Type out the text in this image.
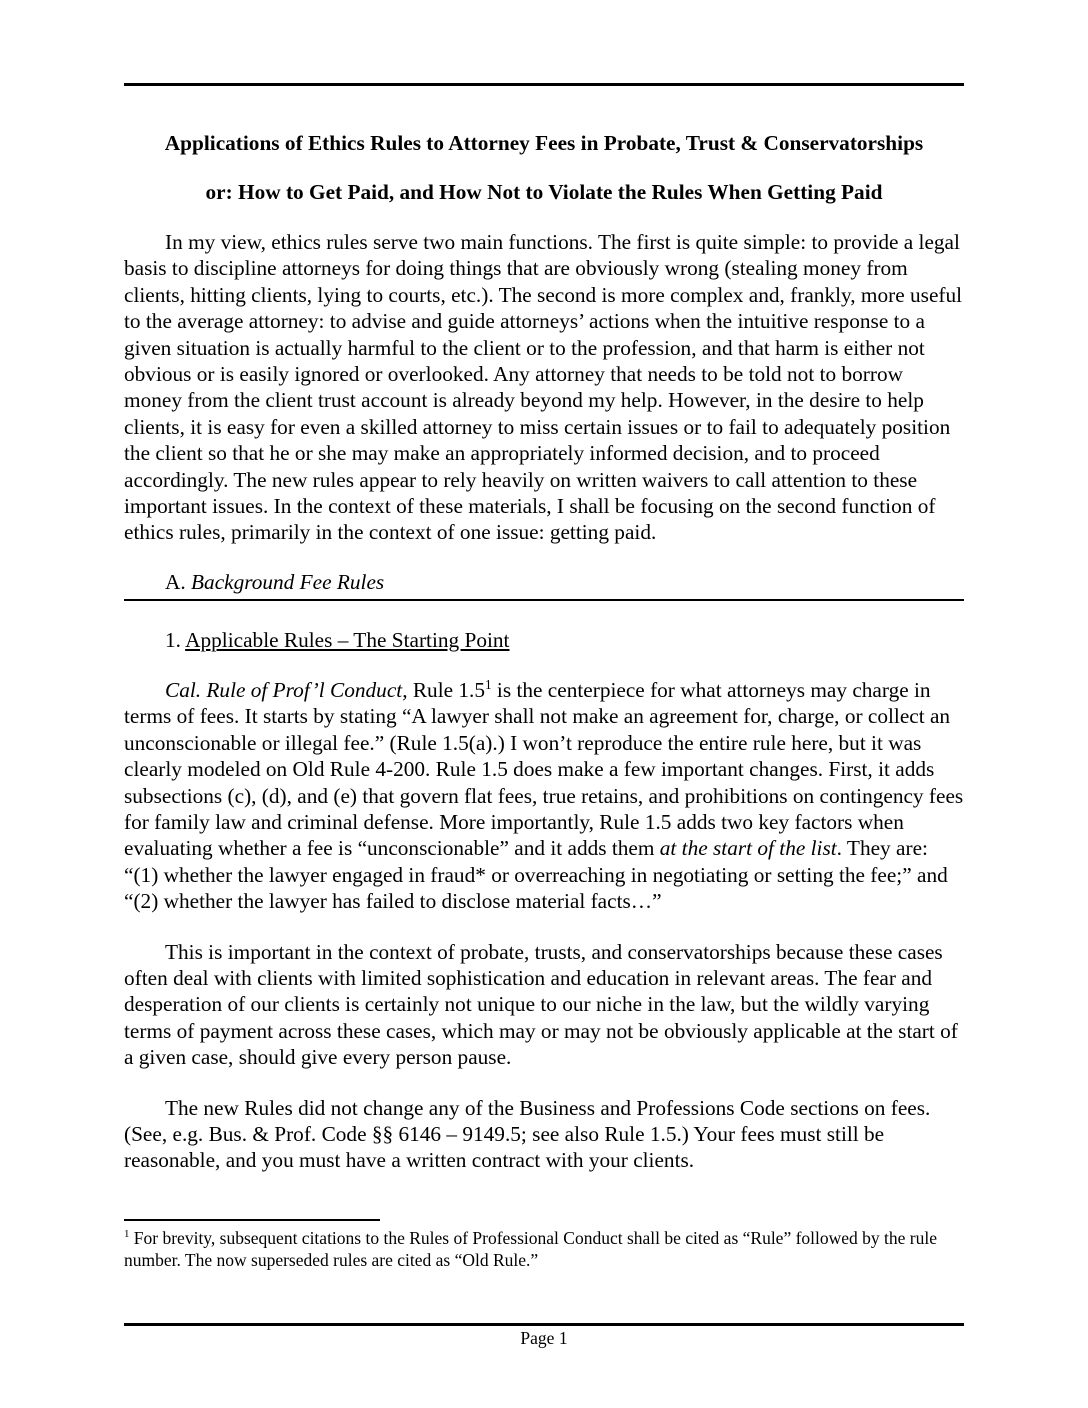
Applications of Ethics Rules to Attorney Fees in Probate, Trust & Conservatorships
or: How to Get Paid, and How Not to Violate the Rules When Getting Paid

In my view, ethics rules serve two main functions. The first is quite simple: to provide a legal basis to discipline attorneys for doing things that are obviously wrong (stealing money from clients, hitting clients, lying to courts, etc.). The second is more complex and, frankly, more useful to the average attorney: to advise and guide attorneys’ actions when the intuitive response to a given situation is actually harmful to the client or to the profession, and that harm is either not obvious or is easily ignored or overlooked. Any attorney that needs to be told not to borrow money from the client trust account is already beyond my help. However, in the desire to help clients, it is easy for even a skilled attorney to miss certain issues or to fail to adequately position the client so that he or she may make an appropriately informed decision, and to proceed accordingly. The new rules appear to rely heavily on written waivers to call attention to these important issues. In the context of these materials, I shall be focusing on the second function of ethics rules, primarily in the context of one issue: getting paid.

A. Background Fee Rules
1. Applicable Rules – The Starting Point

Cal. Rule of Prof’l Conduct, Rule $1.5^1$ is the centerpiece for what attorneys may charge in terms of fees. It starts by stating “A lawyer shall not make an agreement for, charge, or collect an unconscionable or illegal fee.” (Rule 1.5(a).) I won’t reproduce the entire rule here, but it was clearly modeled on Old Rule 4-200. Rule 1.5 does make a few important changes. First, it adds subsections (c), (d), and (e) that govern flat fees, true retains, and prohibitions on contingency fees for family law and criminal defense. More importantly, Rule 1.5 adds two key factors when evaluating whether a fee is “unconscionable” and it adds them at the start of the list. They are: “(1) whether the lawyer engaged in fraud* or overreaching in negotiating or setting the fee;” and “(2) whether the lawyer has failed to disclose material facts…”

This is important in the context of probate, trusts, and conservatorships because these cases often deal with clients with limited sophistication and education in relevant areas. The fear and desperation of our clients is certainly not unique to our niche in the law, but the wildly varying terms of payment across these cases, which may or may not be obviously applicable at the start of a given case, should give every person pause.

The new Rules did not change any of the Business and Professions Code sections on fees. (See, e.g. Bus. & Prof. Code §§ 6146 – 9149.5; see also Rule 1.5.) Your fees must still be reasonable, and you must have a written contract with your clients.

$^1$ For brevity, subsequent citations to the Rules of Professional Conduct shall be cited as “Rule” followed by the rule number. The now superseded rules are cited as “Old Rule.”

Page 1
